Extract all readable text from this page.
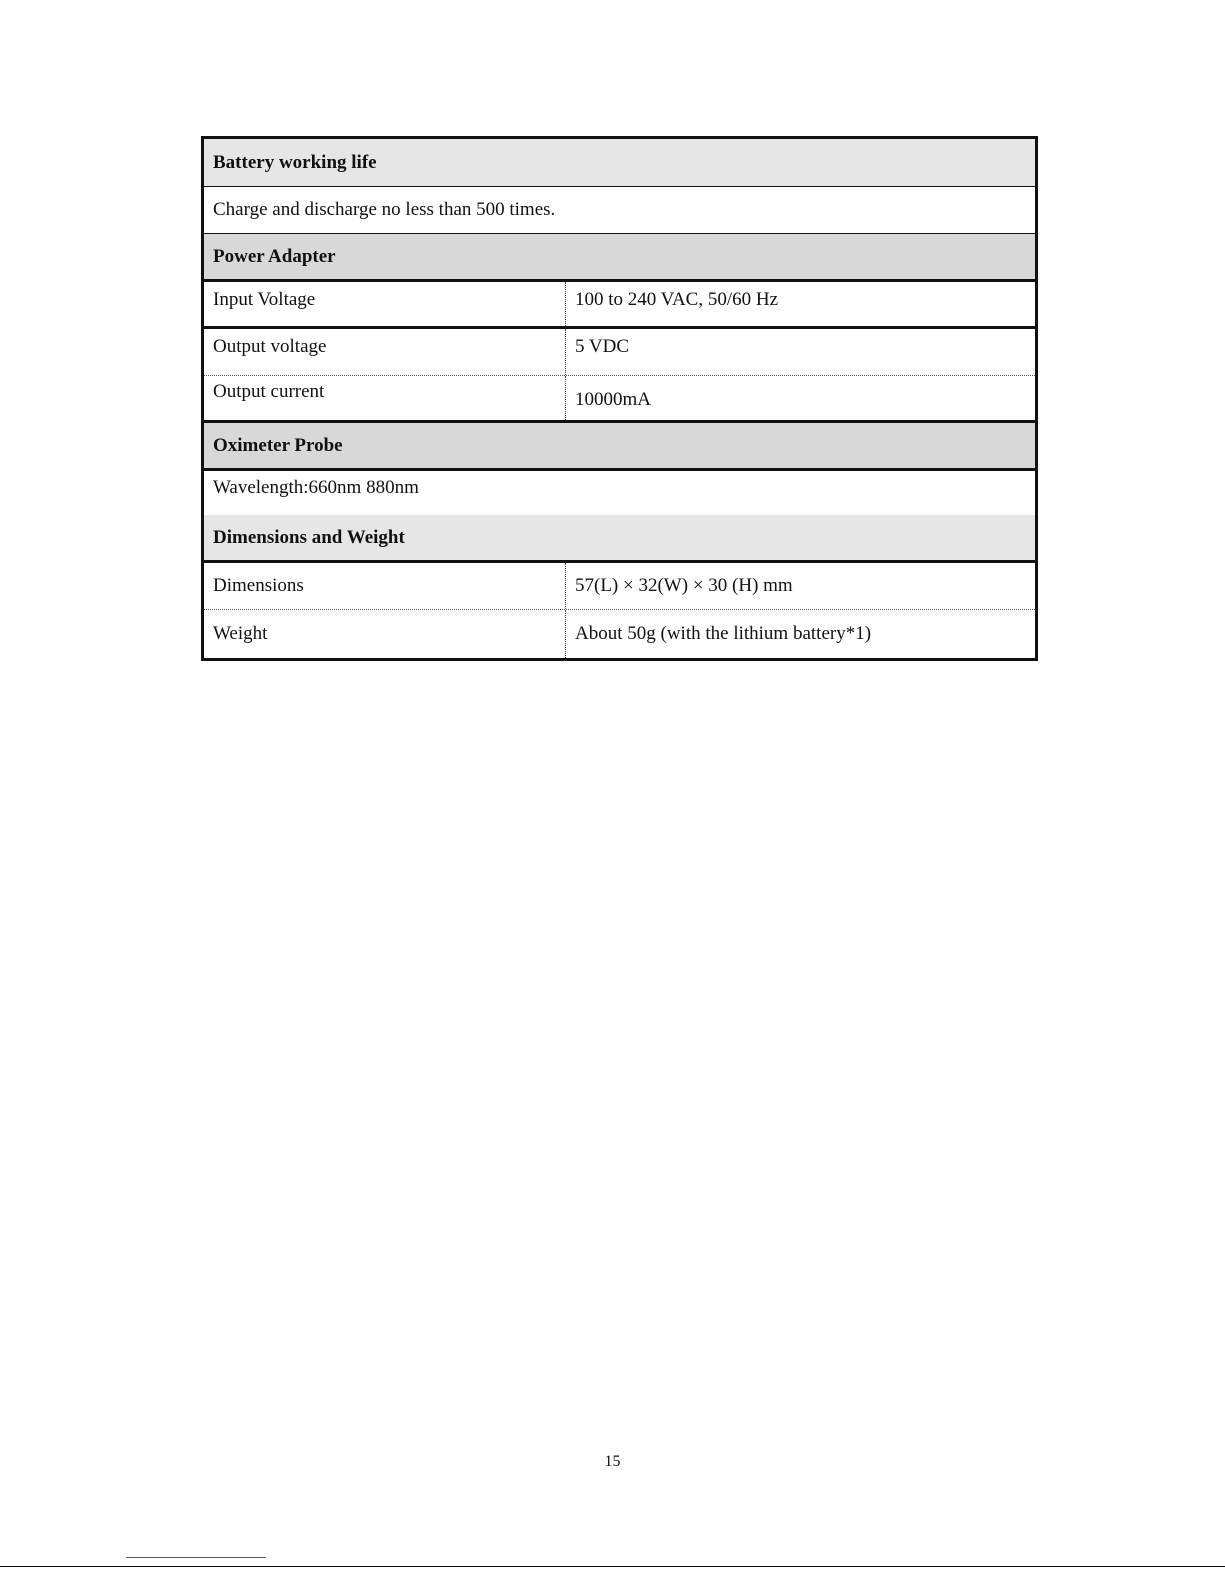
Battery working life
Charge and discharge no less than 500 times.
Power Adapter
Input Voltage	100 to 240 VAC, 50/60 Hz
Output voltage	5 VDC
Output current	10000mA
Oximeter Probe
Wavelength:660nm 880nm
Dimensions and Weight
Dimensions	57(L) × 32(W) × 30 (H) mm
Weight	About 50g (with the lithium battery*1)
15
